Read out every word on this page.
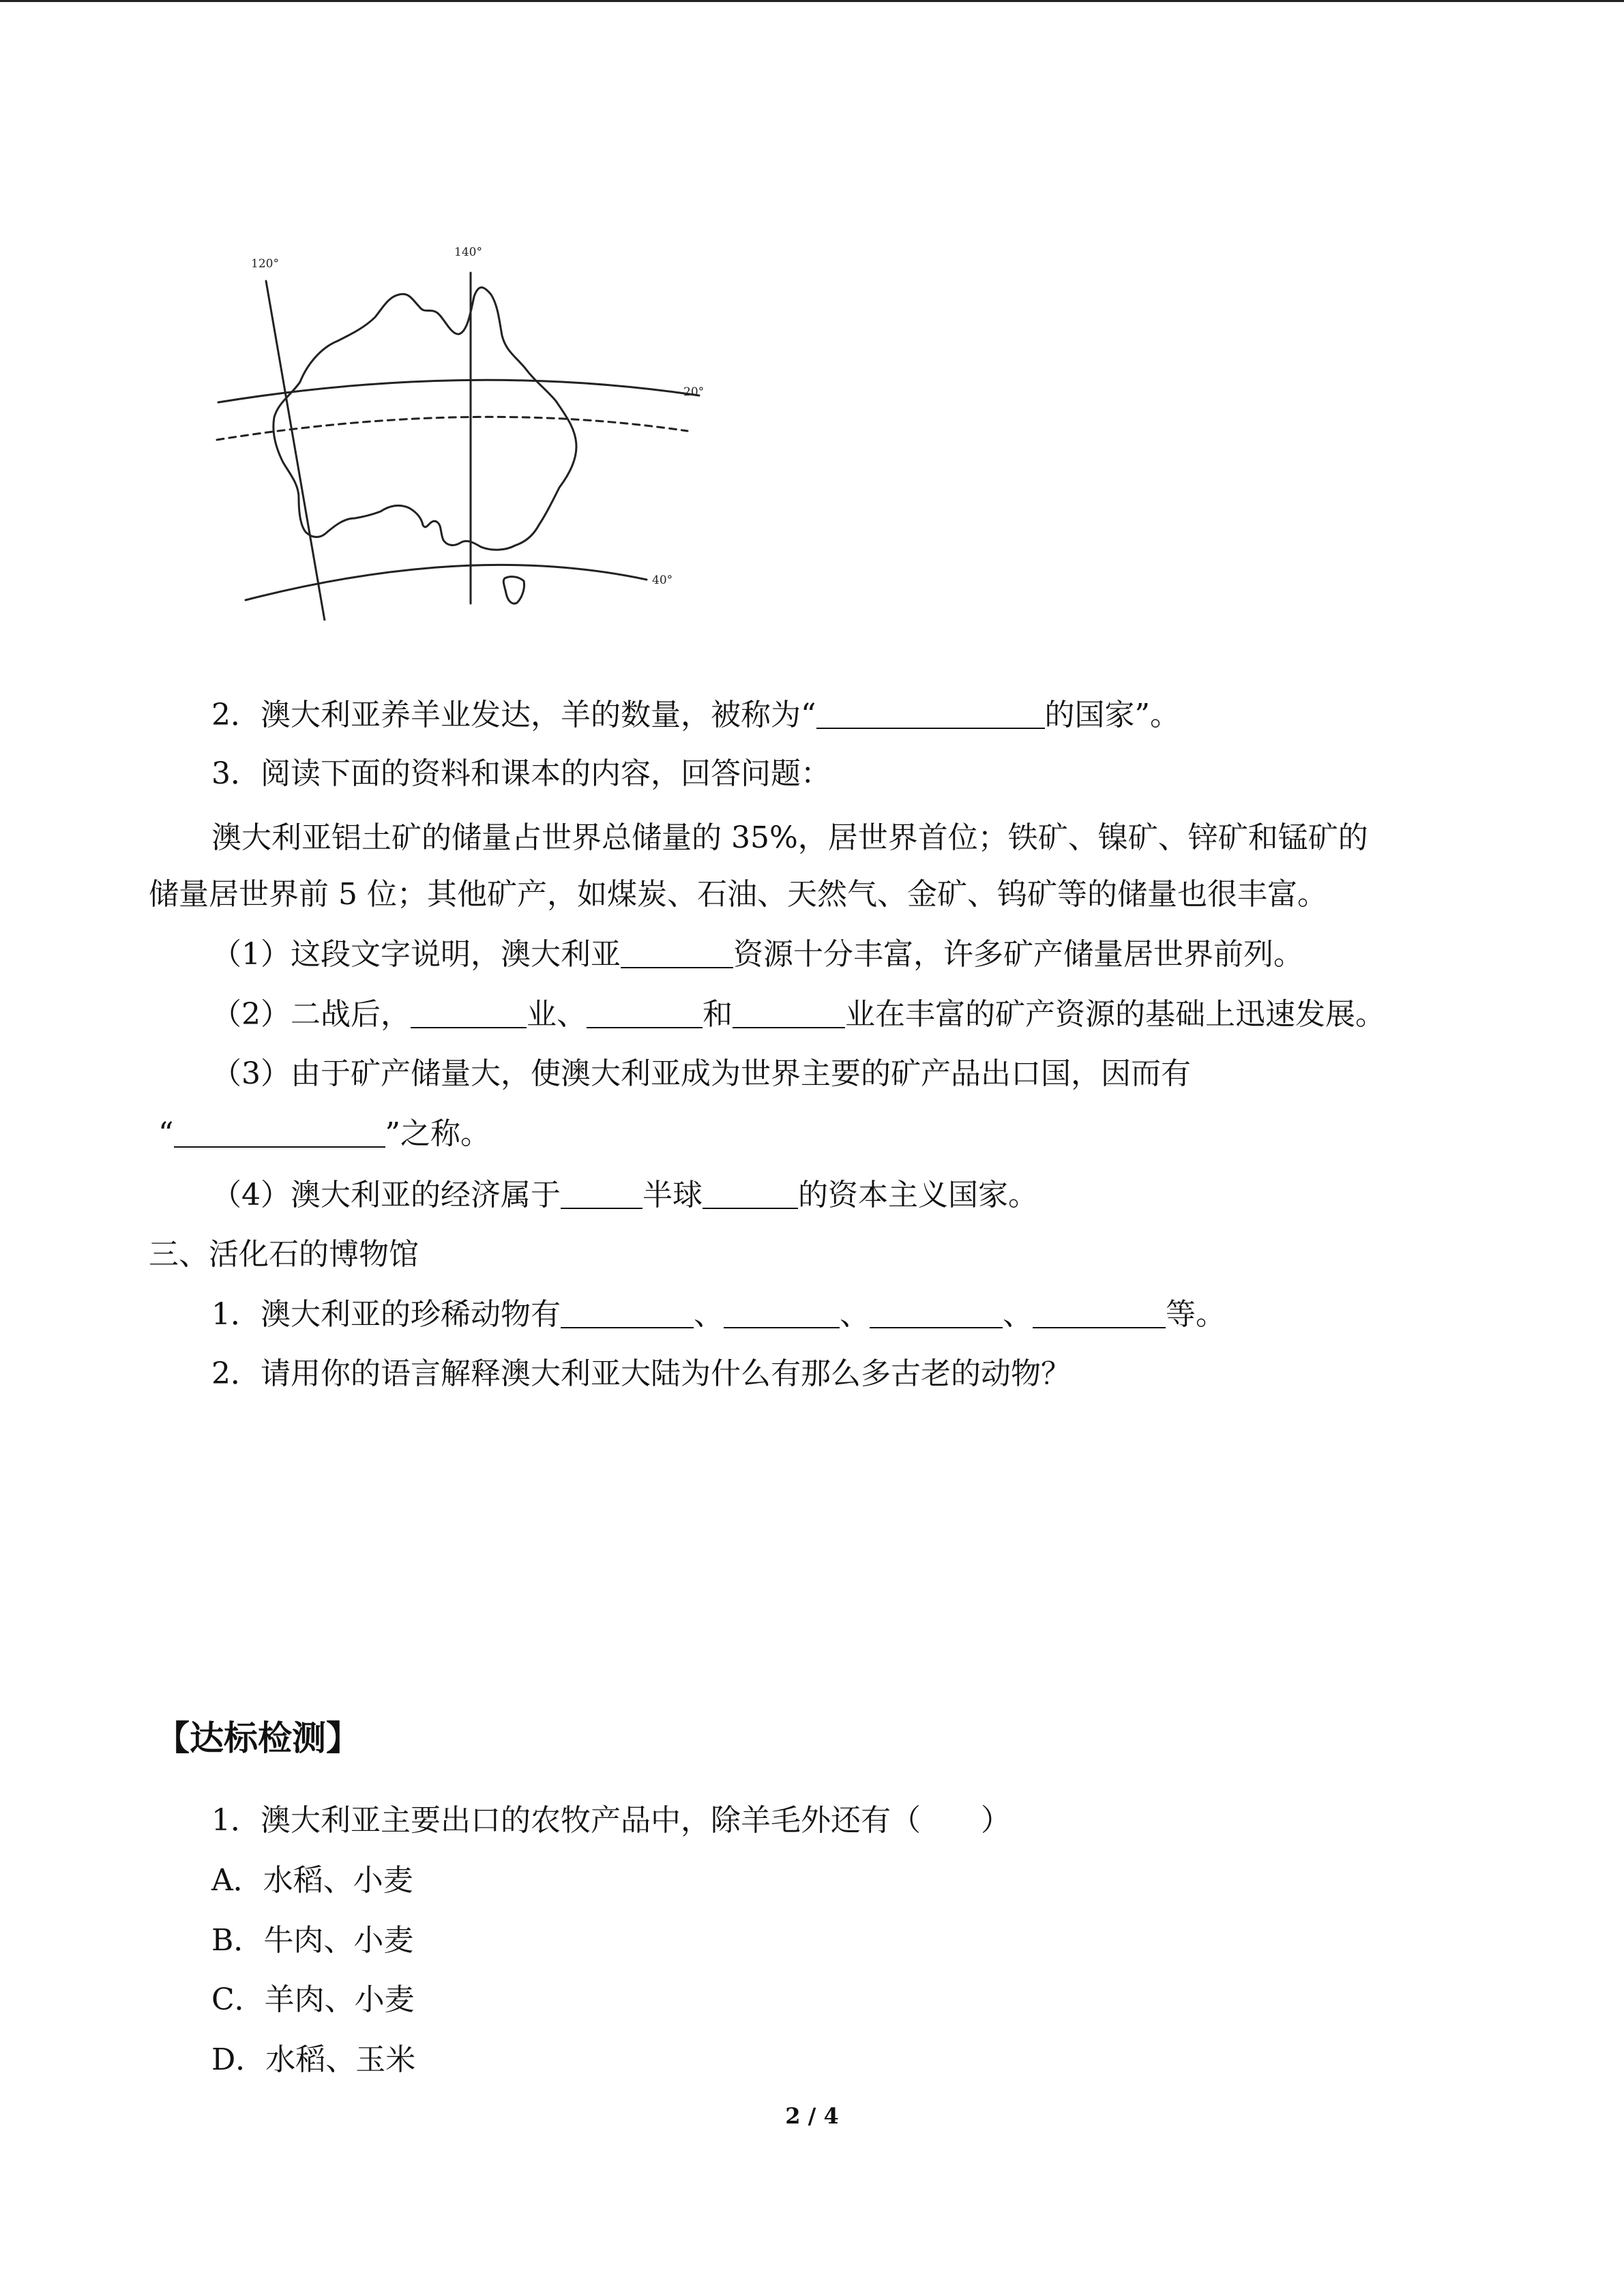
120°
140°
20°
40°
2．澳大利亚养羊业发达，羊的数量，被称为“	的国家”。
3．阅读下面的资料和课本的内容，回答问题：
澳大利亚铝土矿的储量占世界总储量的 35%，居世界首位；铁矿、镍矿、锌矿和锰矿的
储量居世界前 5 位；其他矿产，如煤炭、石油、天然气、金矿、钨矿等的储量也很丰富。
（1）这段文字说明，澳大利亚	资源十分丰富，许多矿产储量居世界前列。
（2）二战后，	业、	和	业在丰富的矿产资源的基础上迅速发展。
（3）由于矿产储量大，使澳大利亚成为世界主要的矿产品出口国，因而有
“	”之称。
（4）澳大利亚的经济属于	半球	的资本主义国家。
三、活化石的博物馆
1．澳大利亚的珍稀动物有	、	、	、	等。
2．请用你的语言解释澳大利亚大陆为什么有那么多古老的动物？
【达标检测】
1．澳大利亚主要出口的农牧产品中，除羊毛外还有（　　）
A．水稻、小麦
B．牛肉、小麦
C．羊肉、小麦
D．水稻、玉米
2 / 4
